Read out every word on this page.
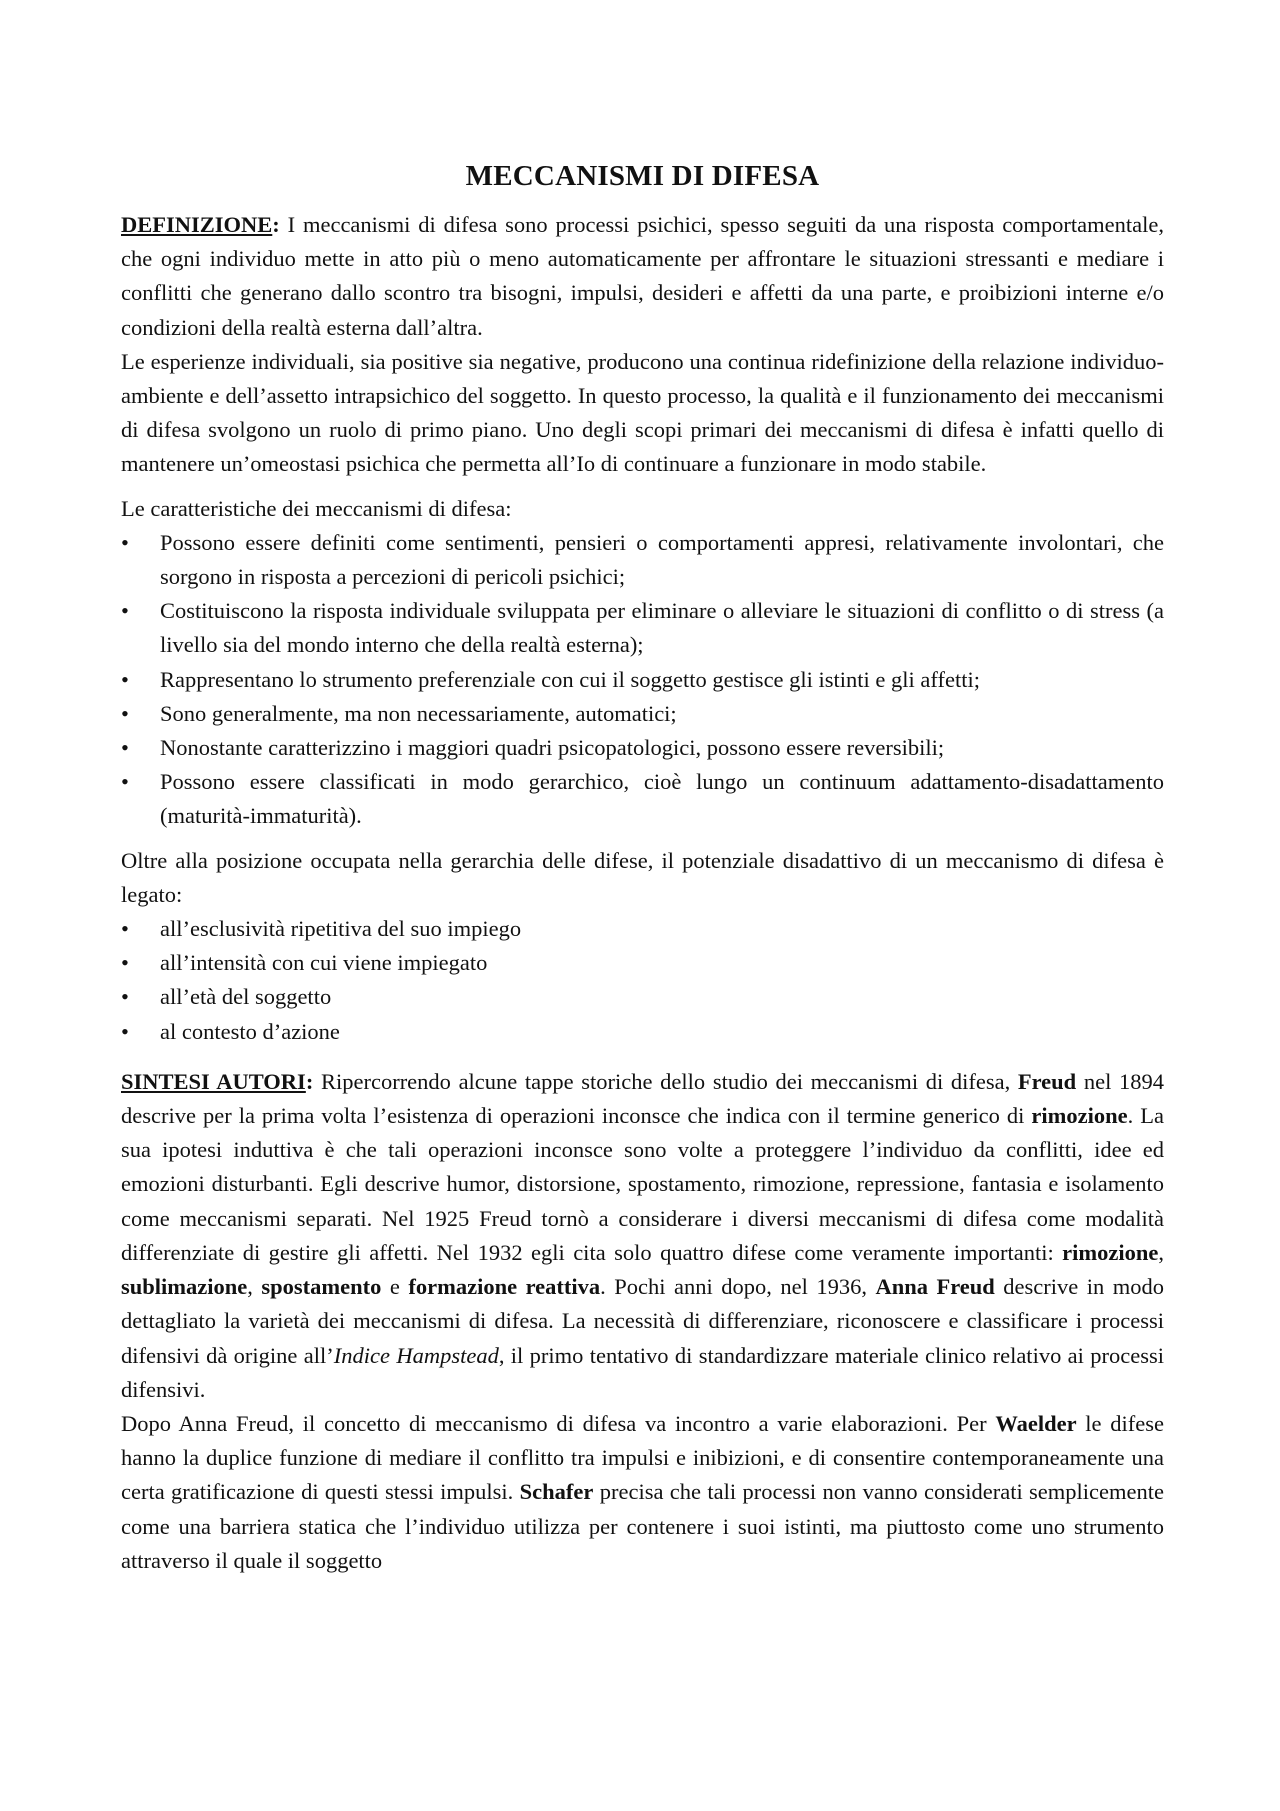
MECCANISMI DI DIFESA

DEFINIZIONE: I meccanismi di difesa sono processi psichici, spesso seguiti da una risposta comportamentale, che ogni individuo mette in atto più o meno automaticamente per affrontare le situazioni stressanti e mediare i conflitti che generano dallo scontro tra bisogni, impulsi, desideri e affetti da una parte, e proibizioni interne e/o condizioni della realtà esterna dall’altra.

Le esperienze individuali, sia positive sia negative, producono una continua ridefinizione della relazione individuo-ambiente e dell’assetto intrapsichico del soggetto. In questo processo, la qualità e il funzionamento dei meccanismi di difesa svolgono un ruolo di primo piano. Uno degli scopi primari dei meccanismi di difesa è infatti quello di mantenere un’omeostasi psichica che permetta all’Io di continuare a funzionare in modo stabile.

Le caratteristiche dei meccanismi di difesa:

• Possono essere definiti come sentimenti, pensieri o comportamenti appresi, relativamente involontari, che sorgono in risposta a percezioni di pericoli psichici;
• Costituiscono la risposta individuale sviluppata per eliminare o alleviare le situazioni di conflitto o di stress (a livello sia del mondo interno che della realtà esterna);
• Rappresentano lo strumento preferenziale con cui il soggetto gestisce gli istinti e gli affetti;
• Sono generalmente, ma non necessariamente, automatici;
• Nonostante caratterizzino i maggiori quadri psicopatologici, possono essere reversibili;
• Possono essere classificati in modo gerarchico, cioè lungo un continuum adattamento-disadattamento (maturità-immaturità).

Oltre alla posizione occupata nella gerarchia delle difese, il potenziale disadattivo di un meccanismo di difesa è legato:

• all’esclusività ripetitiva del suo impiego
• all’intensità con cui viene impiegato
• all’età del soggetto
• al contesto d’azione

SINTESI AUTORI: Ripercorrendo alcune tappe storiche dello studio dei meccanismi di difesa, Freud nel 1894 descrive per la prima volta l’esistenza di operazioni inconsce che indica con il termine generico di rimozione. La sua ipotesi induttiva è che tali operazioni inconsce sono volte a proteggere l’individuo da conflitti, idee ed emozioni disturbanti. Egli descrive humor, distorsione, spostamento, rimozione, repressione, fantasia e isolamento come meccanismi separati. Nel 1925 Freud tornò a considerare i diversi meccanismi di difesa come modalità differenziate di gestire gli affetti. Nel 1932 egli cita solo quattro difese come veramente importanti: rimozione, sublimazione, spostamento e formazione reattiva. Pochi anni dopo, nel 1936, Anna Freud descrive in modo dettagliato la varietà dei meccanismi di difesa. La necessità di differenziare, riconoscere e classificare i processi difensivi dà origine all’Indice Hampstead, il primo tentativo di standardizzare materiale clinico relativo ai processi difensivi.

Dopo Anna Freud, il concetto di meccanismo di difesa va incontro a varie elaborazioni. Per Waelder le difese hanno la duplice funzione di mediare il conflitto tra impulsi e inibizioni, e di consentire contemporaneamente una certa gratificazione di questi stessi impulsi. Schafer precisa che tali processi non vanno considerati semplicemente come una barriera statica che l’individuo utilizza per contenere i suoi istinti, ma piuttosto come uno strumento attraverso il quale il soggetto
